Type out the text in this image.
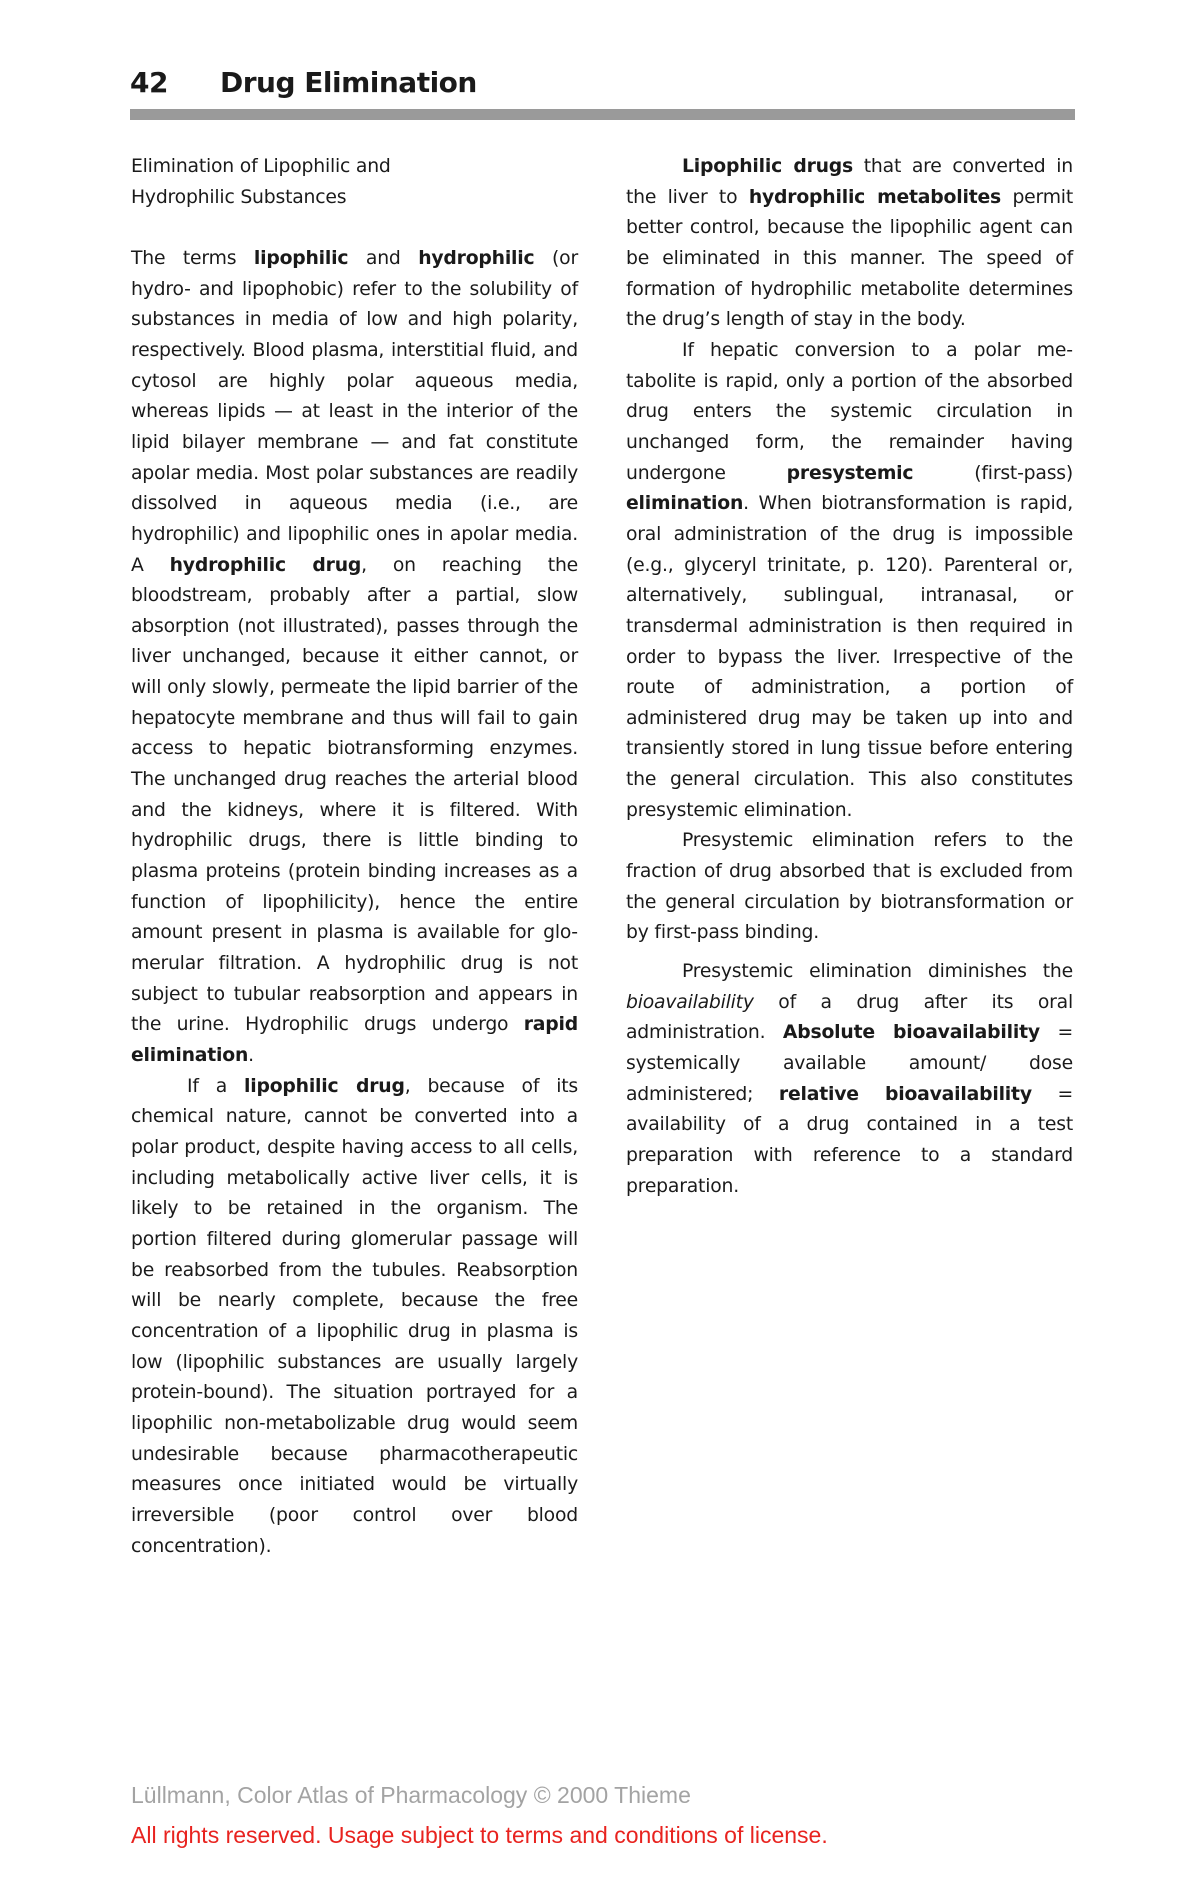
42 Drug Elimination
Elimination of Lipophilic and
Hydrophilic Substances

The terms lipophilic and hydrophilic (or hydro- and lipophobic) refer to the solubility of substances in media of low and high polarity, respectively. Blood plasma, interstitial fluid, and cytosol are highly polar aqueous media, whereas lipids — at least in the interior of the lipid bilayer membrane — and fat constitute apolar media. Most polar substances are readily dissolved in aqueous media (i.e., are hydrophilic) and lipophilic ones in apolar media. A hydrophilic drug, on reaching the bloodstream, probably after a partial, slow absorption (not illustrated), passes through the liver unchanged, because it either cannot, or will only slowly, permeate the lipid barrier of the hepatocyte membrane and thus will fail to gain access to hepatic biotransforming enzymes. The unchanged drug reaches the arterial blood and the kidneys, where it is filtered. With hydrophilic drugs, there is little binding to plasma proteins (protein binding increases as a function of lipophilicity), hence the entire amount present in plasma is available for glomerular filtration. A hydrophilic drug is not subject to tubular reabsorption and appears in the urine. Hydrophilic drugs undergo rapid elimination.

If a lipophilic drug, because of its chemical nature, cannot be converted into a polar product, despite having access to all cells, including metabolically active liver cells, it is likely to be retained in the organism. The portion filtered during glomerular passage will be reabsorbed from the tubules. Reabsorption will be nearly complete, because the free concentration of a lipophilic drug in plasma is low (lipophilic substances are usually largely protein-bound). The situation portrayed for a lipophilic non-metabolizable drug would seem undesirable because pharmacotherapeutic measures once initiated would be virtually irreversible (poor control over blood concentration).

Lipophilic drugs that are converted in the liver to hydrophilic metabolites permit better control, because the lipophilic agent can be eliminated in this manner. The speed of formation of hydrophilic metabolite determines the drug’s length of stay in the body.

If hepatic conversion to a polar metabolite is rapid, only a portion of the absorbed drug enters the systemic circulation in unchanged form, the remainder having undergone presystemic (first-pass) elimination. When biotransformation is rapid, oral administration of the drug is impossible (e.g., glyceryl trinitate, p. 120). Parenteral or, alternatively, sublingual, intranasal, or transdermal administration is then required in order to bypass the liver. Irrespective of the route of administration, a portion of administered drug may be taken up into and transiently stored in lung tissue before entering the general circulation. This also constitutes presystemic elimination.

Presystemic elimination refers to the fraction of drug absorbed that is excluded from the general circulation by biotransformation or by first-pass binding.

Presystemic elimination diminishes the bioavailability of a drug after its oral administration. Absolute bioavailability = systemically available amount/ dose administered; relative bioavailability = availability of a drug contained in a test preparation with reference to a standard preparation.

Lüllmann, Color Atlas of Pharmacology © 2000 Thieme
All rights reserved. Usage subject to terms and conditions of license.
